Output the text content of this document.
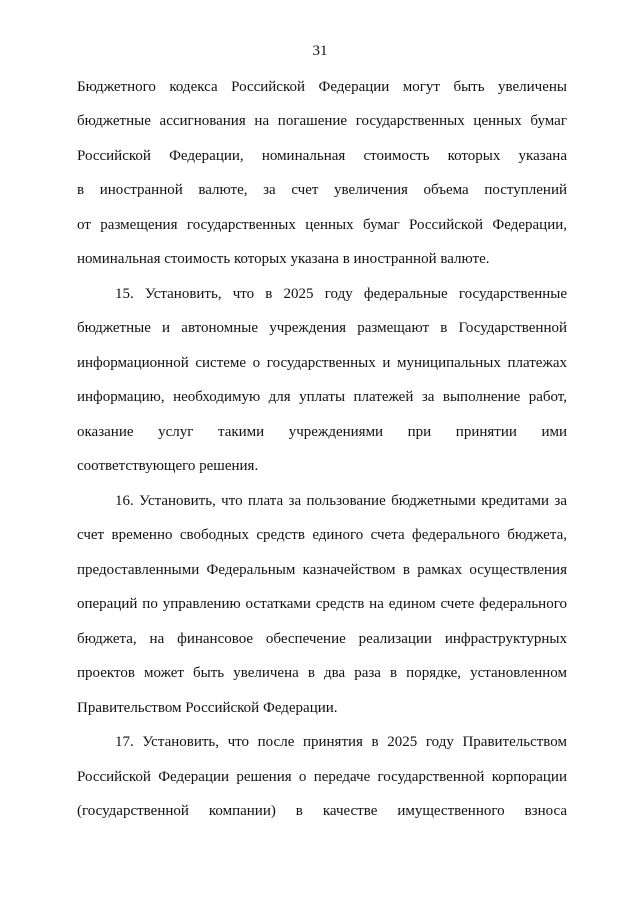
31
Бюджетного кодекса Российской Федерации могут быть увеличены
бюджетные ассигнования на погашение государственных ценных бумаг
Российской Федерации, номинальная стоимость которых указана
в иностранной валюте, за счет увеличения объема поступлений
от размещения государственных ценных бумаг Российской Федерации,
номинальная стоимость которых указана в иностранной валюте.
15. Установить, что в 2025 году федеральные государственные
бюджетные и автономные учреждения размещают в Государственной
информационной системе о государственных и муниципальных платежах
информацию, необходимую для уплаты платежей за выполнение работ,
оказание услуг такими учреждениями при принятии ими
соответствующего решения.
16. Установить, что плата за пользование бюджетными кредитами за
счет временно свободных средств единого счета федерального бюджета,
предоставленными Федеральным казначейством в рамках осуществления
операций по управлению остатками средств на едином счете федерального
бюджета, на финансовое обеспечение реализации инфраструктурных
проектов может быть увеличена в два раза в порядке, установленном
Правительством Российской Федерации.
17. Установить, что после принятия в 2025 году Правительством
Российской Федерации решения о передаче государственной корпорации
(государственной компании) в качестве имущественного взноса
